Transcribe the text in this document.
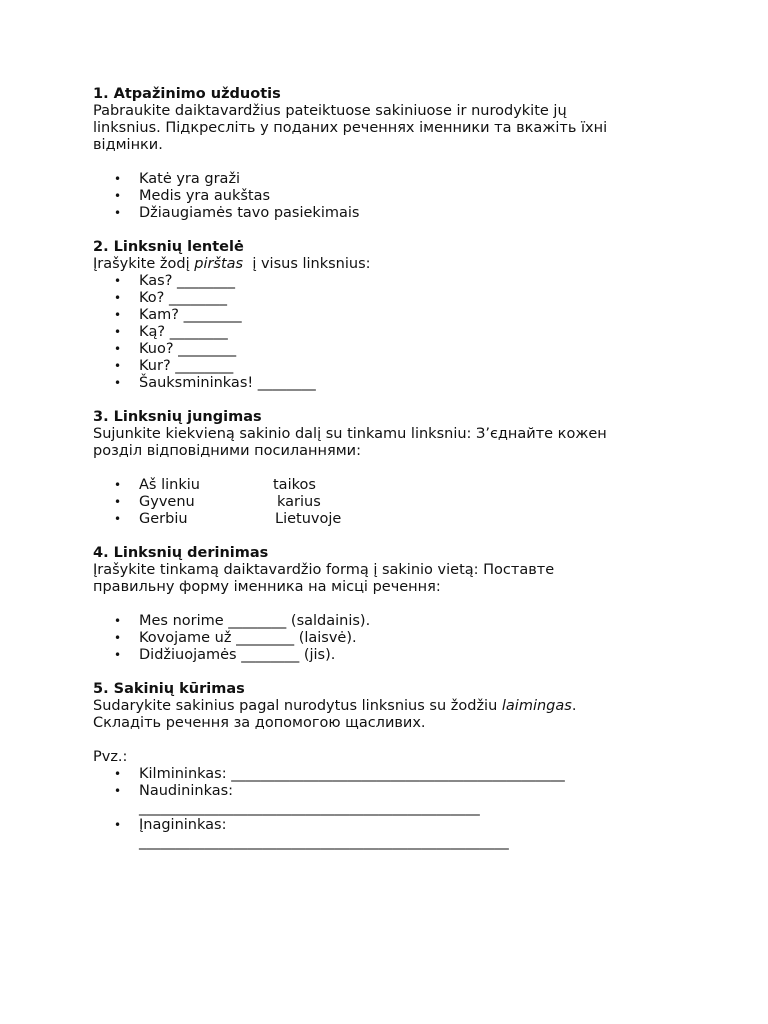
1. Atpažinimo užduotis

Pabraukite daiktavardžius pateiktuose sakiniuose ir nurodykite jų

linksnius. Підкресліть у поданих реченнях іменники та вкажіть їхні

відмінки.

• Katė yra graži
• Medis yra aukštas
• Džiaugiamės tavo pasiekimais

2. Linksnių lentelė

Įrašykite žodį pirštas  į visus linksnius:

• Kas? ________
• Ko? ________
• Kam? ________
• Ką? ________
• Kuo? ________
• Kur? ________
• Šauksmininkas! ________

3. Linksnių jungimas

Sujunkite kiekvieną sakinio dalį su tinkamu linksniu: З’єднайте кожен

розділ відповідними посиланнями:

• Aš linkiu	taikos
• Gyvenu	karius
• Gerbiu	Lietuvoje

4. Linksnių derinimas

Įrašykite tinkamą daiktavardžio formą į sakinio vietą: Поставте

правильну форму іменника на місці речення:

• Mes norime ________ (saldainis).
• Kovojame už ________ (laisvė).
• Didžiuojamės ________ (jis).

5. Sakinių kūrimas

Sudarykite sakinius pagal nurodytus linksnius su žodžiu laimingas.

Складіть речення за допомогою щасливих.

Pvz.:

• Kilmininkas: ______________________________________________
• Naudininkas:
_______________________________________________
• Įnagininkas:
___________________________________________________
